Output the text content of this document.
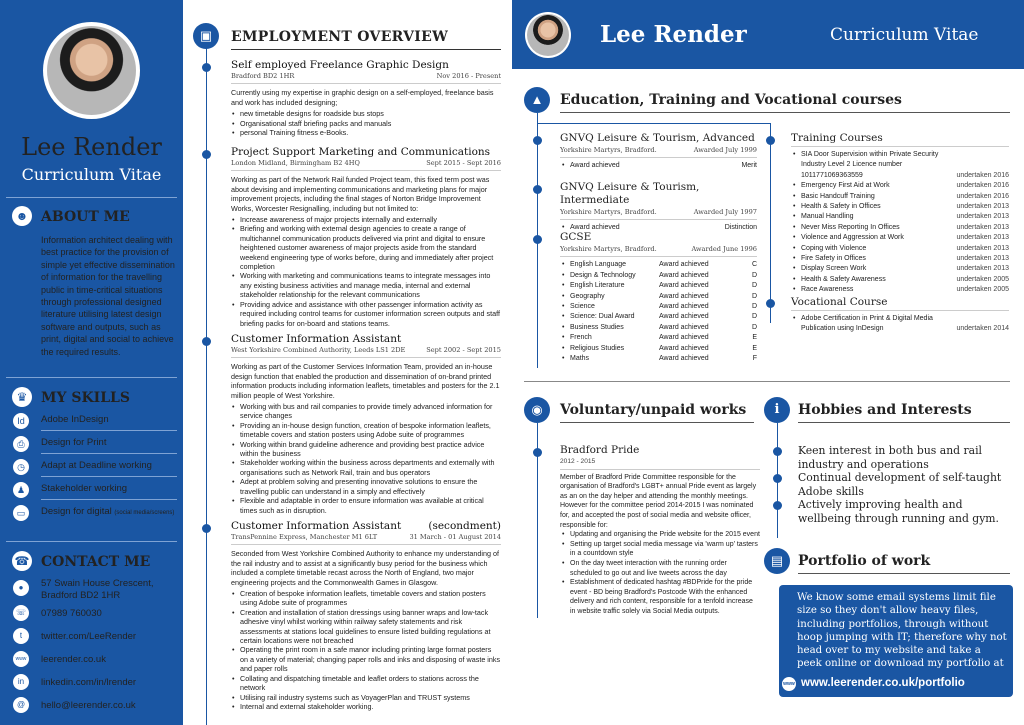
Lee Render
Curriculum Vitae
☻ ABOUT ME
Information architect dealing with best practice for the provision of simple yet effective dissemination of information for the travelling public in time-critical situations through professional designed literature utilising latest design software and outputs, such as print, digital and social to achieve the required results.
♛ MY SKILLS
Id	Adobe InDesign
⎙	Design for Print
◷	Adapt at Deadline working
♟	Stakeholder working
▭	Design for digital (social media/screens)
☎ CONTACT ME
●	57 Swain House Crescent,
Bradford BD2 1HR
☏	07989 760030
t	twitter.com/LeeRender
www leerender.co.uk
in	linkedin.com/in/lrender
@	hello@leerender.co.uk
▣	EMPLOYMENT OVERVIEW
Self employed Freelance Graphic Design
Bradford BD2 1HR	Nov 2016 - Present
Currently using my expertise in graphic design on a self-employed, freelance basis and work has included designing;
• new timetable designs for roadside bus stops
• Organisational staff briefing packs and manuals
• personal Training fitness e-Books.
Project Support Marketing and Communications
London Midland, Birmingham B2 4HQ	Sept 2015 - Sept 2016
Working as part of the Network Rail funded Project team, this fixed term post was about devising and implementing communications and marketing plans for major improvement projects, including the final stages of Norton Bridge Improvement Works, Worcester Resignalling, including but not limited to:
• Increase awareness of major projects internally and externally
• Briefing and working with external design agencies to create a range of multichannel communication products delivered via print and digital to ensure heightened customer awareness of major projects aside from the standard weekend engineering type of works before, during and immediately after project completion
• Working with marketing and communications teams to integrate messages into any existing business activities and manage media, internal and external stakeholder relationship for the relevant communications
• Providing advice and assistance with other passenger information activity as required including control teams for customer information screen outputs and staff briefing packs for on-board and stations teams.
Customer Information Assistant
West Yorkshire Combined Authority, Leeds LS1 2DE	Sept 2002 - Sept 2015
Working as part of the Customer Services Information Team, provided an in-house design function that enabled the production and dissemination of on-brand printed information products including information leaflets, timetables and posters for the 2.1 million people of West Yorkshire.
• Working with bus and rail companies to provide timely advanced information for service changes
• Providing an in-house design function, creation of bespoke information leaflets, timetable covers and station posters using Adobe suite of programmes
• Working within brand guideline adherence and providing best practice advice within the business
• Stakeholder working within the business across departments and externally with organisations such as Network Rail, train and bus operators
• Adept at problem solving and presenting innovative solutions to ensure the travelling public can understand in a simply and effectively
• Flexible and adaptable in order to ensure information was available at critical times such as in disruption.
Customer Information Assistant	(secondment)
TransPennine Express, Manchester M1 6LT	31 March - 01 August 2014
Seconded from West Yorkshire Combined Authority to enhance my understanding of the rail industry and to assist at a significantly busy period for the business which included a complete timetable recast across the North of England, two major engineering projects and the Commonwealth Games in Glasgow.
• Creation of bespoke information leaflets, timetable covers and station posters using Adobe suite of programmes
• Creation and installation of station dressings using banner wraps and low-tack adhesive vinyl whilst working within railway safety statements and risk assessments at stations local guidelines to ensure listed building regulations at certain locations were not breached
• Operating the print room in a safe manor including printing large format posters on a variety of material; changing paper rolls and inks and disposing of waste inks and paper rolls
• Collating and dispatching timetable and leaflet orders to stations across the network
• Utilising rail industry systems such as VoyagerPlan and TRUST systems
• Internal and external stakeholder working.
Lee Render	Curriculum Vitae
▲	Education, Training and Vocational courses
GNVQ Leisure & Tourism, Advanced
Yorkshire Martyrs, Bradford.	Awarded July 1999
• Award achieved	Merit
GNVQ Leisure & Tourism, Intermediate
Yorkshire Martyrs, Bradford.	Awarded July 1997
• Award achieved	Distinction
GCSE
Yorkshire Martyrs, Bradford.	Awarded June 1996
• English Language	Award achieved	C
• Design & Technology	Award achieved	D
• English Literature	Award achieved	D
• Geography	Award achieved	D
• Science	Award achieved	D
• Science: Dual Award	Award achieved	D
• Business Studies	Award achieved	D
• French	Award achieved	E
• Religious Studies	Award achieved	E
• Maths	Award achieved	F
Training Courses
• SIA Door Supervision within Private Security Industry Level 2 Licence number 1011771069363559	undertaken 2016
• Emergency First Aid at Work	undertaken 2016
• Basic Handcuff Training	undertaken 2016
• Health & Safety in Offices	undertaken 2013
• Manual Handling	undertaken 2013
• Never Miss Reporting In Offices	undertaken 2013
• Violence and Aggression at Work	undertaken 2013
• Coping with Violence	undertaken 2013
• Fire Safety in Offices	undertaken 2013
• Display Screen Work	undertaken 2013
• Health & Safety Awareness	undertaken 2005
• Race Awareness	undertaken 2005
Vocational Course
• Adobe Certification in Print & Digital Media Publication using InDesign	undertaken 2014
◉	Voluntary/unpaid works
Bradford Pride
2012 - 2015
Member of Bradford Pride Committee responsible for the organisation of Bradford's LGBT+ annual Pride event as largely as an on the day helper and attending the monthly meetings. However for the committee period 2014-2015 I was nominated for, and accepted the post of social media and website officer, responsible for:
• Updating and organising the Pride website for the 2015 event
• Setting up target social media message via 'warm up' tasters in a countdown style
• On the day tweet interaction with the running order scheduled to go out and live tweets across the day
• Establishment of dedicated hashtag #BDPride for the pride event - BD being Bradford's Postcode With the enhanced delivery and rich content, responsible for a tenfold increase in website traffic solely via Social Media outputs.
i	Hobbies and Interests
Keen interest in both bus and rail industry and operations
Continual development of self-taught Adobe skills
Actively improving health and wellbeing through running and gym.
▤	Portfolio of work
We know some email systems limit file size so they don't allow heavy files, including portfolios, through without hoop jumping with IT; therefore why not head over to my website and take a peek online or download my portfolio at
www www.leerender.co.uk/portfolio
